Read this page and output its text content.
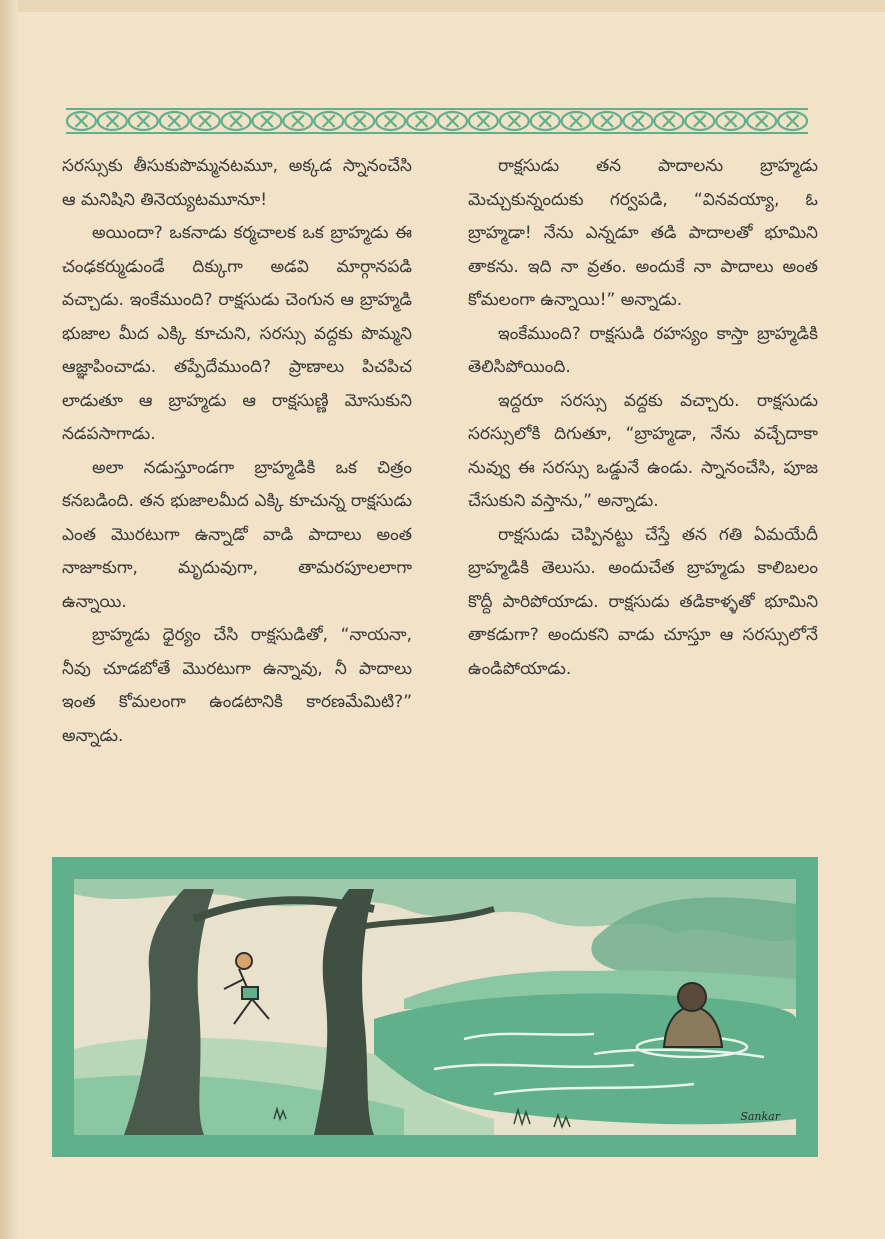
సరస్సుకు తీసుకుపొమ్మనటమూ, అక్కడ స్నానంచేసి ఆ మనిషిని తినెయ్యటమూనూ!

అయిందా? ఒకనాడు కర్మచాలక ఒక బ్రాహ్మడు ఈ చంఢకర్ముడుండే దిక్కుగా అడవి మార్గానపడి వచ్చాడు. ఇంకేముంది? రాక్షసుడు చెంగున ఆ బ్రాహ్మడి భుజాల మీద ఎక్కి కూచుని, సరస్సు వద్దకు పొమ్మని ఆజ్ఞాపించాడు. తప్పేదేముంది? ప్రాణాలు పిచపిచ లాడుతూ ఆ బ్రాహ్మడు ఆ రాక్షసుణ్ణి మోసుకుని నడపసాగాడు.

అలా నడుస్తూండగా బ్రాహ్మడికి ఒక చిత్రం కనబడింది. తన భుజాలమీద ఎక్కి కూచున్న రాక్షసుడు ఎంత మొరటుగా ఉన్నాడో వాడి పాదాలు అంత నాజూకుగా, మృదువుగా, తామరపూలలాగా ఉన్నాయి.

బ్రాహ్మడు ధైర్యం చేసి రాక్షసుడితో, “నాయనా, నీవు చూడబోతే మొరటుగా ఉన్నావు, నీ పాదాలు ఇంత కోమలంగా ఉండటానికి కారణమేమిటి?” అన్నాడు.

రాక్షసుడు తన పాదాలను బ్రాహ్మడు మెచ్చుకున్నందుకు గర్వపడి, “వినవయ్యా, ఓ బ్రాహ్మడా! నేను ఎన్నడూ తడి పాదాలతో భూమిని తాకను. ఇది నా వ్రతం. అందుకే నా పాదాలు అంత కోమలంగా ఉన్నాయి!” అన్నాడు.

ఇంకేముంది? రాక్షసుడి రహస్యం కాస్తా బ్రాహ్మడికి తెలిసిపోయింది.

ఇద్దరూ సరస్సు వద్దకు వచ్చారు. రాక్షసుడు సరస్సులోకి దిగుతూ, “బ్రాహ్మడా, నేను వచ్చేదాకా నువ్వు ఈ సరస్సు ఒడ్డునే ఉండు. స్నానంచేసి, పూజ చేసుకుని వస్తాను,” అన్నాడు.

రాక్షసుడు చెప్పినట్టు చేస్తే తన గతి ఏమయేదీ బ్రాహ్మడికి తెలుసు. అందుచేత బ్రాహ్మడు కాలిబలం కొద్దీ పారిపోయాడు. రాక్షసుడు తడికాళ్ళతో భూమిని తాకడుగా? అందుకని వాడు చూస్తూ ఆ సరస్సులోనే ఉండిపోయాడు.

Sankar
